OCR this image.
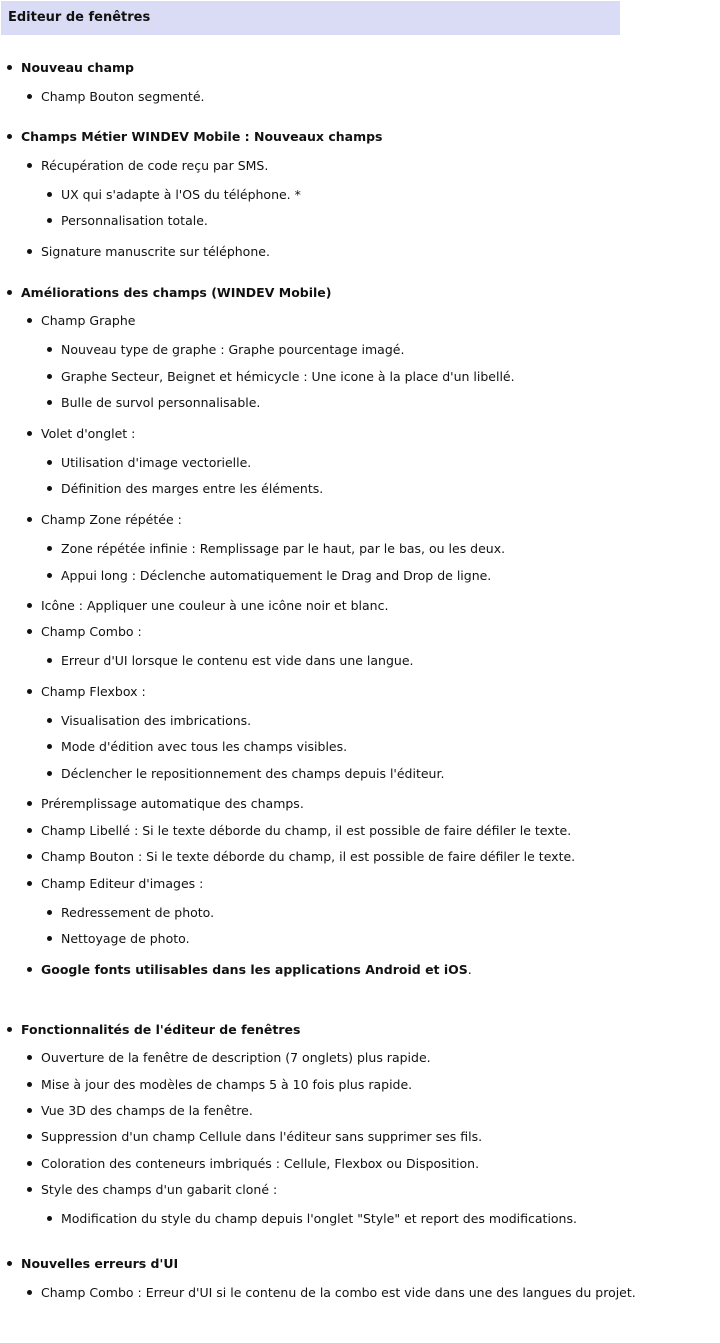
Editeur de fenêtres
Nouveau champ
Champ Bouton segmenté.
Champs Métier WINDEV Mobile : Nouveaux champs
Récupération de code reçu par SMS.
UX qui s'adapte à l'OS du téléphone. *
Personnalisation totale.
Signature manuscrite sur téléphone.
Améliorations des champs (WINDEV Mobile)
Champ Graphe
Nouveau type de graphe : Graphe pourcentage imagé.
Graphe Secteur, Beignet et hémicycle : Une icone à la place d'un libellé.
Bulle de survol personnalisable.
Volet d'onglet :
Utilisation d'image vectorielle.
Définition des marges entre les éléments.
Champ Zone répétée :
Zone répétée infinie : Remplissage par le haut, par le bas, ou les deux.
Appui long : Déclenche automatiquement le Drag and Drop de ligne.
Icône : Appliquer une couleur à une icône noir et blanc.
Champ Combo :
Erreur d'UI lorsque le contenu est vide dans une langue.
Champ Flexbox :
Visualisation des imbrications.
Mode d'édition avec tous les champs visibles.
Déclencher le repositionnement des champs depuis l'éditeur.
Préremplissage automatique des champs.
Champ Libellé : Si le texte déborde du champ, il est possible de faire défiler le texte.
Champ Bouton : Si le texte déborde du champ, il est possible de faire défiler le texte.
Champ Editeur d'images :
Redressement de photo.
Nettoyage de photo.
Google fonts utilisables dans les applications Android et iOS.
Fonctionnalités de l'éditeur de fenêtres
Ouverture de la fenêtre de description (7 onglets) plus rapide.
Mise à jour des modèles de champs 5 à 10 fois plus rapide.
Vue 3D des champs de la fenêtre.
Suppression d'un champ Cellule dans l'éditeur sans supprimer ses fils.
Coloration des conteneurs imbriqués : Cellule, Flexbox ou Disposition.
Style des champs d'un gabarit cloné :
Modification du style du champ depuis l'onglet "Style" et report des modifications.
Nouvelles erreurs d'UI
Champ Combo : Erreur d'UI si le contenu de la combo est vide dans une des langues du projet.
